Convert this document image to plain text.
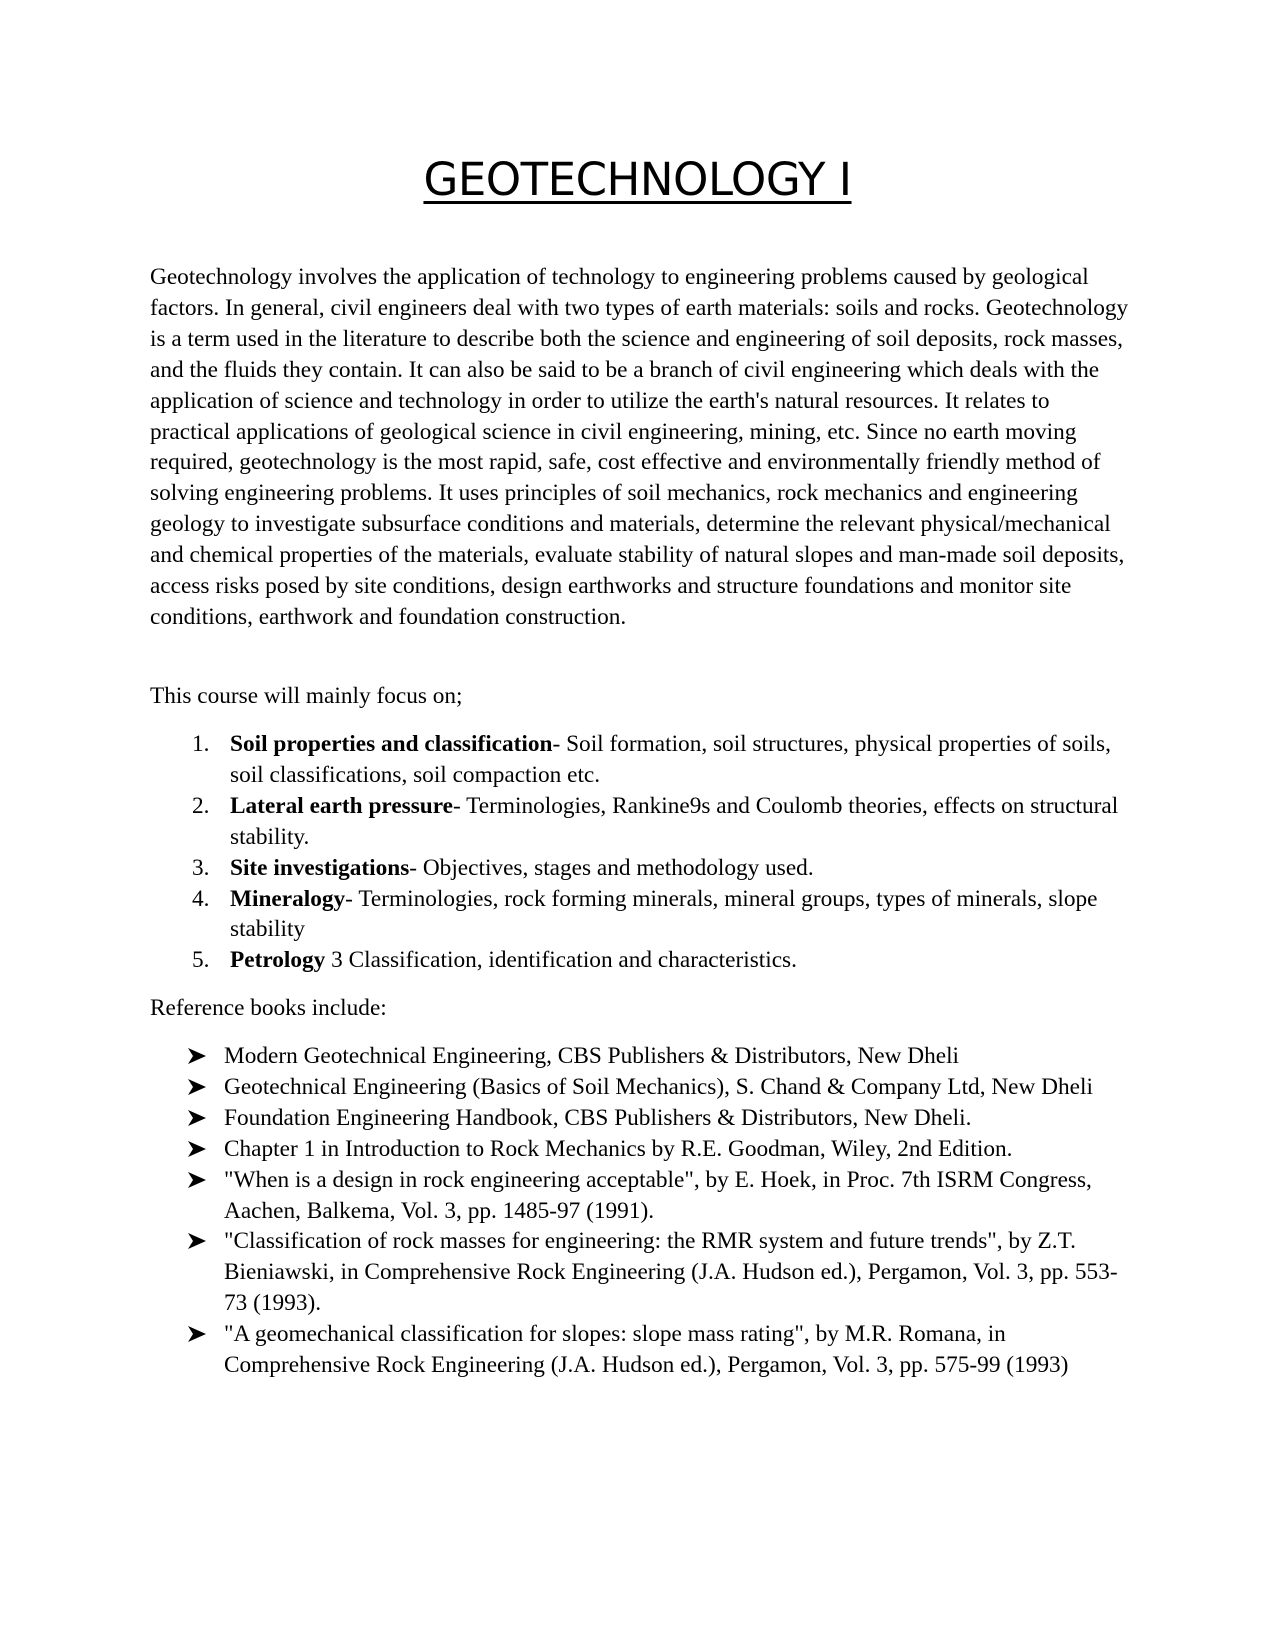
GEOTECHNOLOGY I

Geotechnology involves the application of technology to engineering problems caused by geological factors. In general, civil engineers deal with two types of earth materials: soils and rocks. Geotechnology is a term used in the literature to describe both the science and engineering of soil deposits, rock masses, and the fluids they contain. It can also be said to be a branch of civil engineering which deals with the application of science and technology in order to utilize the earth's natural resources. It relates to practical applications of geological science in civil engineering, mining, etc. Since no earth moving required, geotechnology is the most rapid, safe, cost effective and environmentally friendly method of solving engineering problems. It uses principles of soil mechanics, rock mechanics and engineering geology to investigate subsurface conditions and materials, determine the relevant physical/mechanical and chemical properties of the materials, evaluate stability of natural slopes and man-made soil deposits, access risks posed by site conditions, design earthworks and structure foundations and monitor site conditions, earthwork and foundation construction.

This course will mainly focus on;

1. Soil properties and classification- Soil formation, soil structures, physical properties of soils, soil classifications, soil compaction etc.
2. Lateral earth pressure- Terminologies, Rankine9s and Coulomb theories, effects on structural stability.
3. Site investigations- Objectives, stages and methodology used.
4. Mineralogy- Terminologies, rock forming minerals, mineral groups, types of minerals, slope stability
5. Petrology 3 Classification, identification and characteristics.

Reference books include:

Modern Geotechnical Engineering, CBS Publishers & Distributors, New Dheli
Geotechnical Engineering (Basics of Soil Mechanics), S. Chand & Company Ltd, New Dheli
Foundation Engineering Handbook, CBS Publishers & Distributors, New Dheli.
Chapter 1 in Introduction to Rock Mechanics by R.E. Goodman, Wiley, 2nd Edition.
"When is a design in rock engineering acceptable", by E. Hoek, in Proc. 7th ISRM Congress, Aachen, Balkema, Vol. 3, pp. 1485-97 (1991).
"Classification of rock masses for engineering: the RMR system and future trends", by Z.T. Bieniawski, in Comprehensive Rock Engineering (J.A. Hudson ed.), Pergamon, Vol. 3, pp. 553-73 (1993).
"A geomechanical classification for slopes: slope mass rating", by M.R. Romana, in Comprehensive Rock Engineering (J.A. Hudson ed.), Pergamon, Vol. 3, pp. 575-99 (1993)
